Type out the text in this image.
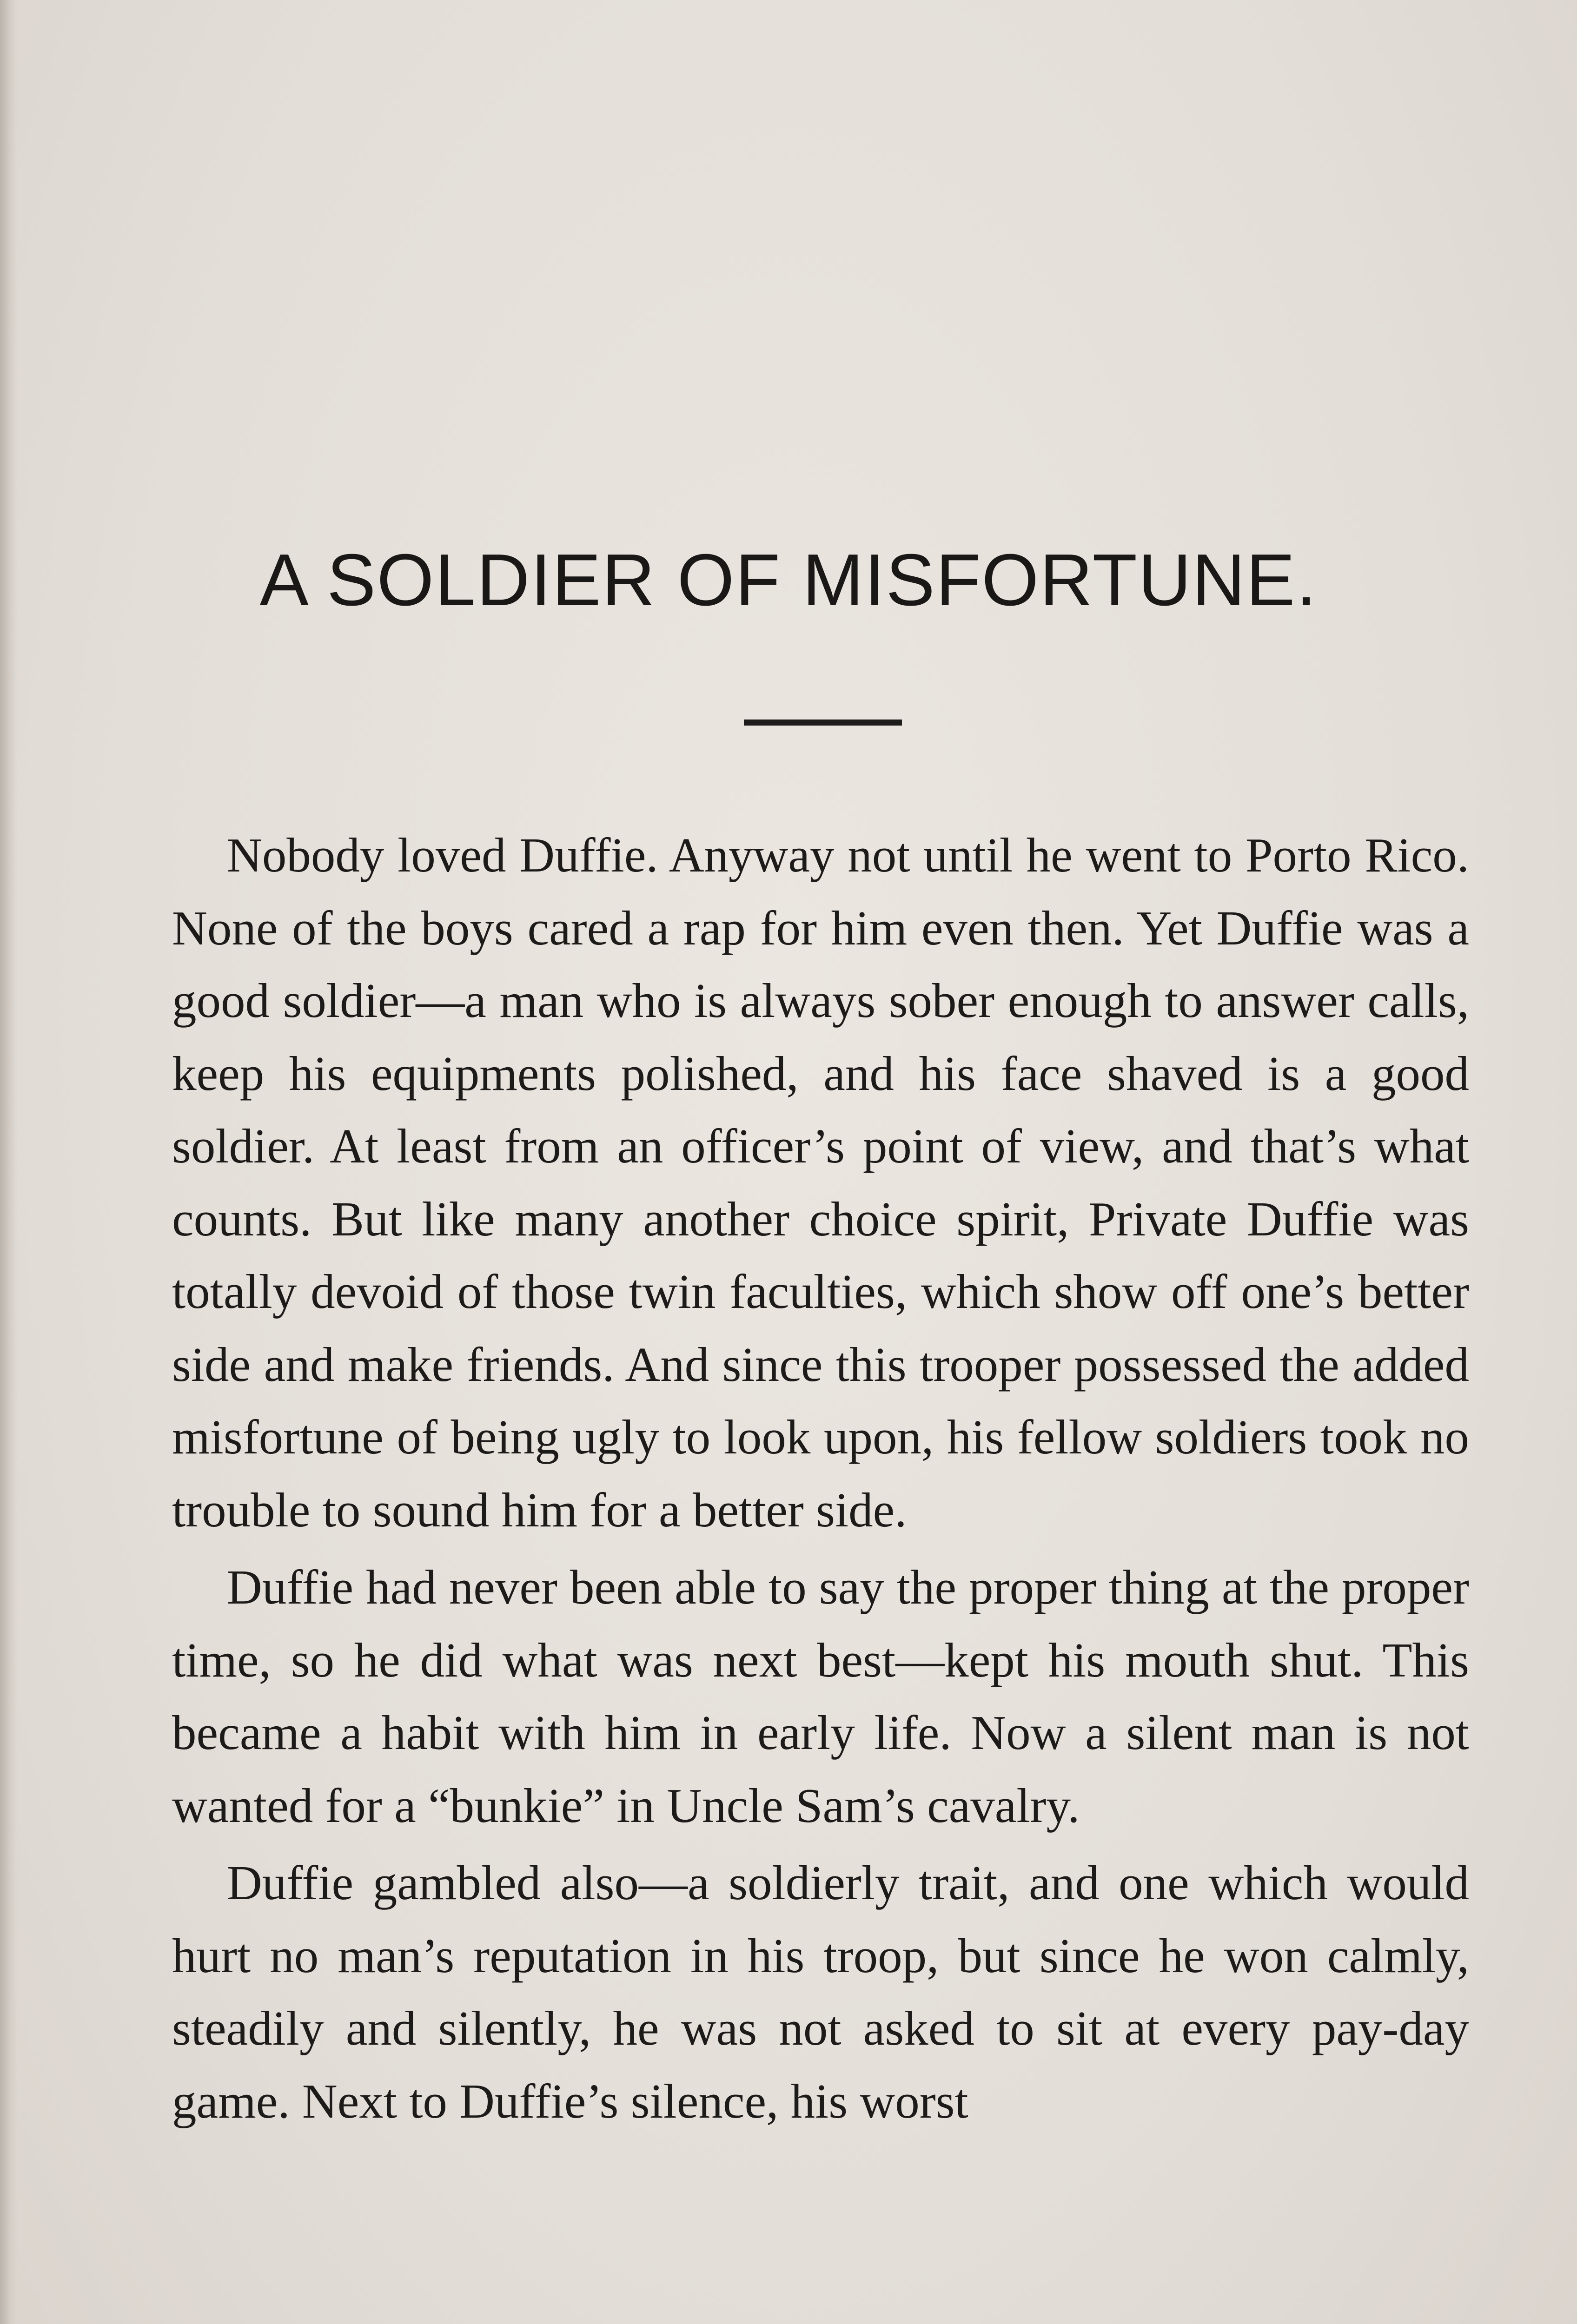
A SOLDIER OF MISFORTUNE.

Nobody loved Duffie. Anyway not until he went to Porto Rico. None of the boys cared a rap for him even then. Yet Duffie was a good soldier—a man who is always sober enough to answer calls, keep his equipments polished, and his face shaved is a good soldier. At least from an officer’s point of view, and that’s what counts. But like many another choice spirit, Private Duffie was totally devoid of those twin faculties, which show off one’s better side and make friends. And since this trooper possessed the added misfortune of being ugly to look upon, his fellow soldiers took no trouble to sound him for a better side.

Duffie had never been able to say the proper thing at the proper time, so he did what was next best—kept his mouth shut. This became a habit with him in early life. Now a silent man is not wanted for a “bunkie” in Uncle Sam’s cavalry.

Duffie gambled also—a soldierly trait, and one which would hurt no man’s reputation in his troop, but since he won calmly, steadily and silently, he was not asked to sit at every pay-day game. Next to Duffie’s silence, his worst
